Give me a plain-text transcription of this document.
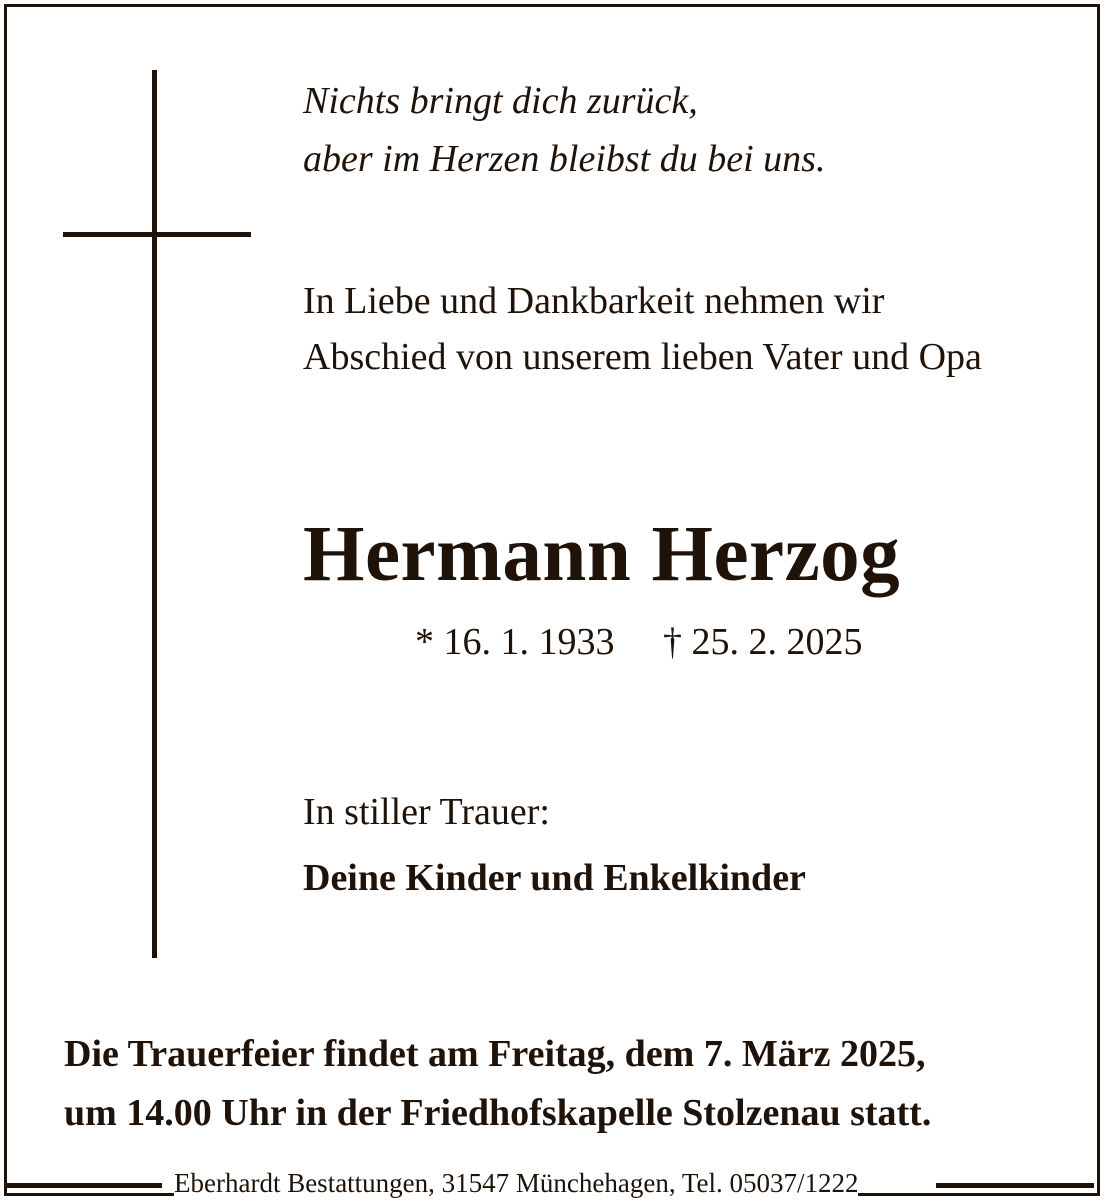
Nichts bringt dich zurück,
aber im Herzen bleibst du bei uns.
In Liebe und Dankbarkeit nehmen wir
Abschied von unserem lieben Vater und Opa
Hermann Herzog
* 16. 1. 1933 † 25. 2. 2025
In stiller Trauer:
Deine Kinder und Enkelkinder
Die Trauerfeier findet am Freitag, dem 7. März 2025,
um 14.00 Uhr in der Friedhofskapelle Stolzenau statt.
Eberhardt Bestattungen, 31547 Münchehagen, Tel. 05037/1222
